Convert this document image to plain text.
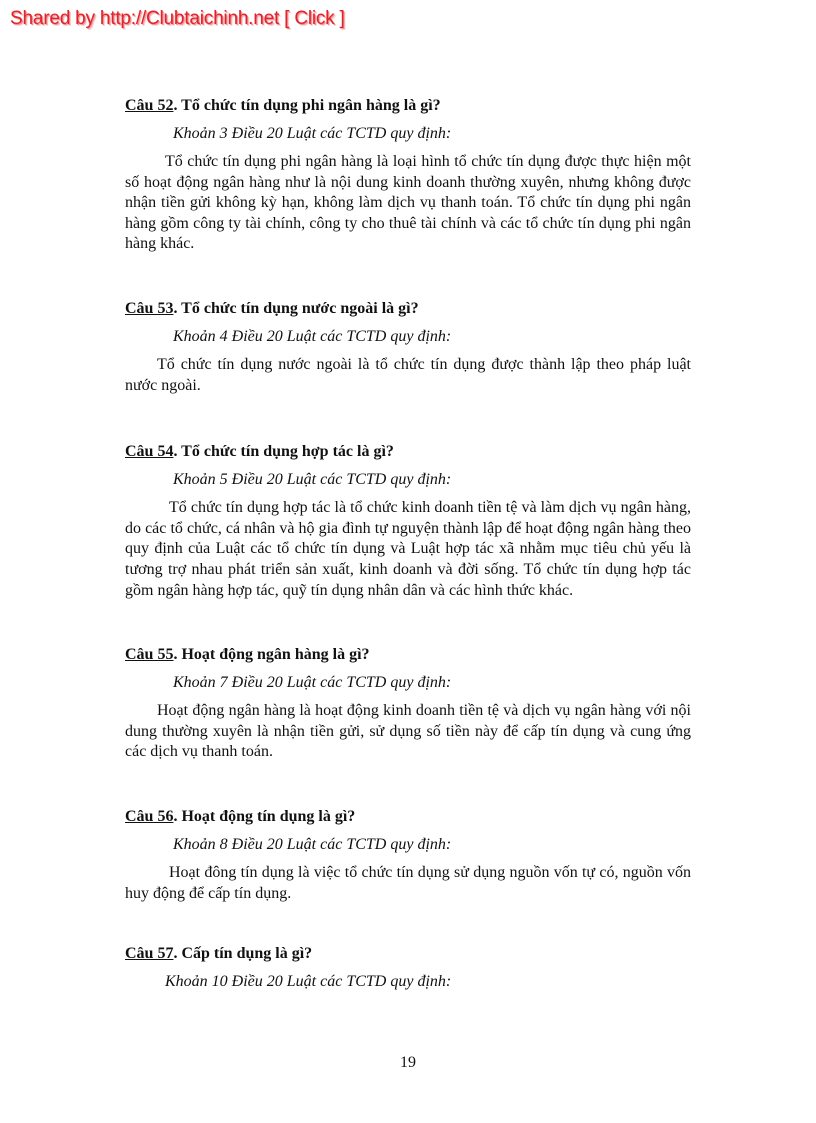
Shared by http://Clubtaichinh.net [ Click ]

Câu 52. Tổ chức tín dụng phi ngân hàng là gì?

Khoản 3 Điều 20 Luật các TCTD quy định:

Tổ chức tín dụng phi ngân hàng là loại hình tổ chức tín dụng được thực hiện một số hoạt động ngân hàng như là nội dung kinh doanh thường xuyên, nhưng không được nhận tiền gửi không kỳ hạn, không làm dịch vụ thanh toán. Tổ chức tín dụng phi ngân hàng gồm công ty tài chính, công ty cho thuê tài chính và các tổ chức tín dụng phi ngân hàng khác.

Câu 53. Tổ chức tín dụng nước ngoài là gì?

Khoản 4 Điều 20 Luật các TCTD quy định:

Tổ chức tín dụng nước ngoài là tổ chức tín dụng được thành lập theo pháp luật nước ngoài.

Câu 54. Tổ chức tín dụng hợp tác là gì?

Khoản 5 Điều 20 Luật các TCTD quy định:

Tổ chức tín dụng hợp tác là tổ chức kinh doanh tiền tệ và làm dịch vụ ngân hàng, do các tổ chức, cá nhân và hộ gia đình tự nguyện thành lập để hoạt động ngân hàng theo quy định của Luật các tổ chức tín dụng và Luật hợp tác xã nhằm mục tiêu chủ yếu là tương trợ nhau phát triển sản xuất, kinh doanh và đời sống. Tổ chức tín dụng hợp tác gồm ngân hàng hợp tác, quỹ tín dụng nhân dân và các hình thức khác.

Câu 55. Hoạt động ngân hàng là gì?

Khoản 7 Điều 20 Luật các TCTD quy định:

Hoạt động ngân hàng là hoạt động kinh doanh tiền tệ và dịch vụ ngân hàng với nội dung thường xuyên là nhận tiền gửi, sử dụng số tiền này để cấp tín dụng và cung ứng các dịch vụ thanh toán.

Câu 56. Hoạt động tín dụng là gì?

Khoản 8 Điều 20 Luật các TCTD quy định:

Hoạt đông tín dụng là việc tổ chức tín dụng sử dụng nguồn vốn tự có, nguồn vốn huy động để cấp tín dụng.

Câu 57. Cấp tín dụng là gì?

Khoản 10 Điều 20 Luật các TCTD quy định:

19
